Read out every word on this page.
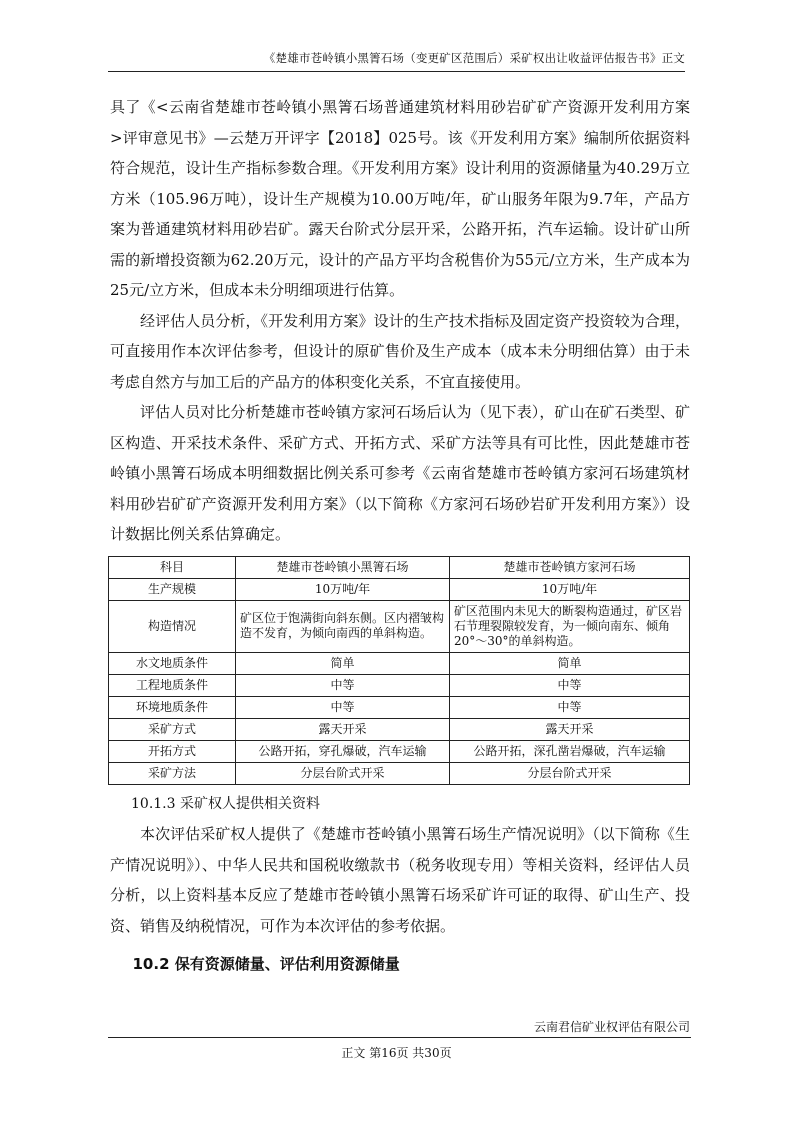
《楚雄市苍岭镇小黑箐石场（变更矿区范围后）采矿权出让收益评估报告书》正文

具了《<云南省楚雄市苍岭镇小黑箐石场普通建筑材料用砂岩矿矿产资源开发利用方案>评审意见书》—云楚万开评字【2018】025号。该《开发利用方案》编制所依据资料符合规范，设计生产指标参数合理。《开发利用方案》设计利用的资源储量为40.29万立方米（105.96万吨），设计生产规模为10.00万吨/年，矿山服务年限为9.7年，产品方案为普通建筑材料用砂岩矿。露天台阶式分层开采，公路开拓，汽车运输。设计矿山所需的新增投资额为62.20万元，设计的产品方平均含税售价为55元/立方米，生产成本为25元/立方米，但成本未分明细项进行估算。

经评估人员分析，《开发利用方案》设计的生产技术指标及固定资产投资较为合理，可直接用作本次评估参考，但设计的原矿售价及生产成本（成本未分明细估算）由于未考虑自然方与加工后的产品方的体积变化关系，不宜直接使用。

评估人员对比分析楚雄市苍岭镇方家河石场后认为（见下表），矿山在矿石类型、矿区构造、开采技术条件、采矿方式、开拓方式、采矿方法等具有可比性，因此楚雄市苍岭镇小黑箐石场成本明细数据比例关系可参考《云南省楚雄市苍岭镇方家河石场建筑材料用砂岩矿矿产资源开发利用方案》（以下简称《方家河石场砂岩矿开发利用方案》）设计数据比例关系估算确定。

科目	楚雄市苍岭镇小黑箐石场	楚雄市苍岭镇方家河石场
生产规模	10万吨/年	10万吨/年
构造情况	矿区位于饱满街向斜东侧。区内褶皱构造不发育，为倾向南西的单斜构造。	矿区范围内未见大的断裂构造通过，矿区岩石节理裂隙较发育，为一倾向南东、倾角20°～30°的单斜构造。
水文地质条件	简单	简单
工程地质条件	中等	中等
环境地质条件	中等	中等
采矿方式	露天开采	露天开采
开拓方式	公路开拓，穿孔爆破，汽车运输	公路开拓，深孔凿岩爆破，汽车运输
采矿方法	分层台阶式开采	分层台阶式开采

10.1.3 采矿权人提供相关资料

本次评估采矿权人提供了《楚雄市苍岭镇小黑箐石场生产情况说明》（以下简称《生产情况说明》）、中华人民共和国税收缴款书（税务收现专用）等相关资料，经评估人员分析，以上资料基本反应了楚雄市苍岭镇小黑箐石场采矿许可证的取得、矿山生产、投资、销售及纳税情况，可作为本次评估的参考依据。

10.2 保有资源储量、评估利用资源储量

云南君信矿业权评估有限公司
正文 第16页 共30页
